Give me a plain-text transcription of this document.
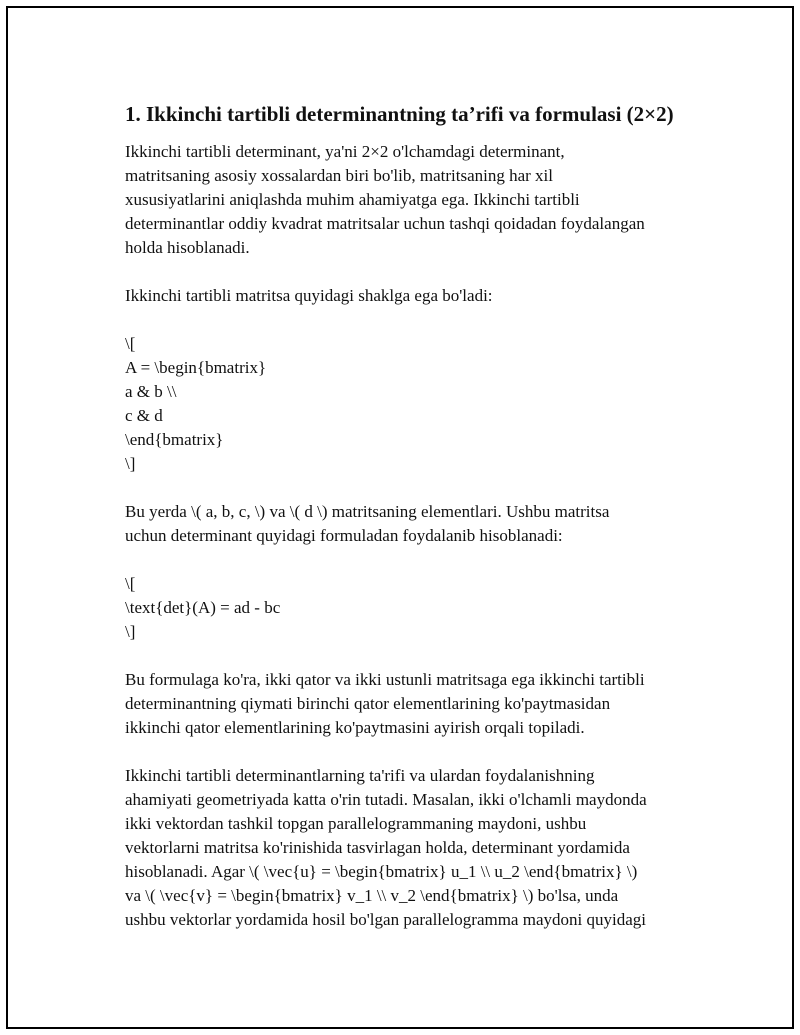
1. Ikkinchi tartibli determinantning ta’rifi va formulasi (2×2)

Ikkinchi tartibli determinant, ya'ni 2×2 o'lchamdagi determinant,
matritsaning asosiy xossalardan biri bo'lib, matritsaning har xil
xususiyatlarini aniqlashda muhim ahamiyatga ega. Ikkinchi tartibli
determinantlar oddiy kvadrat matritsalar uchun tashqi qoidadan foydalangan
holda hisoblanadi.

Ikkinchi tartibli matritsa quyidagi shaklga ega bo'ladi:

\[
A = \begin{bmatrix}
a & b \\
c & d
\end{bmatrix}
\]

Bu yerda \( a, b, c, \) va \( d \) matritsaning elementlari. Ushbu matritsa
uchun determinant quyidagi formuladan foydalanib hisoblanadi:

\[
\text{det}(A) = ad - bc
\]

Bu formulaga ko'ra, ikki qator va ikki ustunli matritsaga ega ikkinchi tartibli
determinantning qiymati birinchi qator elementlarining ko'paytmasidan
ikkinchi qator elementlarining ko'paytmasini ayirish orqali topiladi.

Ikkinchi tartibli determinantlarning ta'rifi va ulardan foydalanishning
ahamiyati geometriyada katta o'rin tutadi. Masalan, ikki o'lchamli maydonda
ikki vektordan tashkil topgan parallelogrammaning maydoni, ushbu
vektorlarni matritsa ko'rinishida tasvirlagan holda, determinant yordamida
hisoblanadi. Agar \( \vec{u} = \begin{bmatrix} u_1 \\ u_2 \end{bmatrix} \)
va \( \vec{v} = \begin{bmatrix} v_1 \\ v_2 \end{bmatrix} \) bo'lsa, unda
ushbu vektorlar yordamida hosil bo'lgan parallelogramma maydoni quyidagi
